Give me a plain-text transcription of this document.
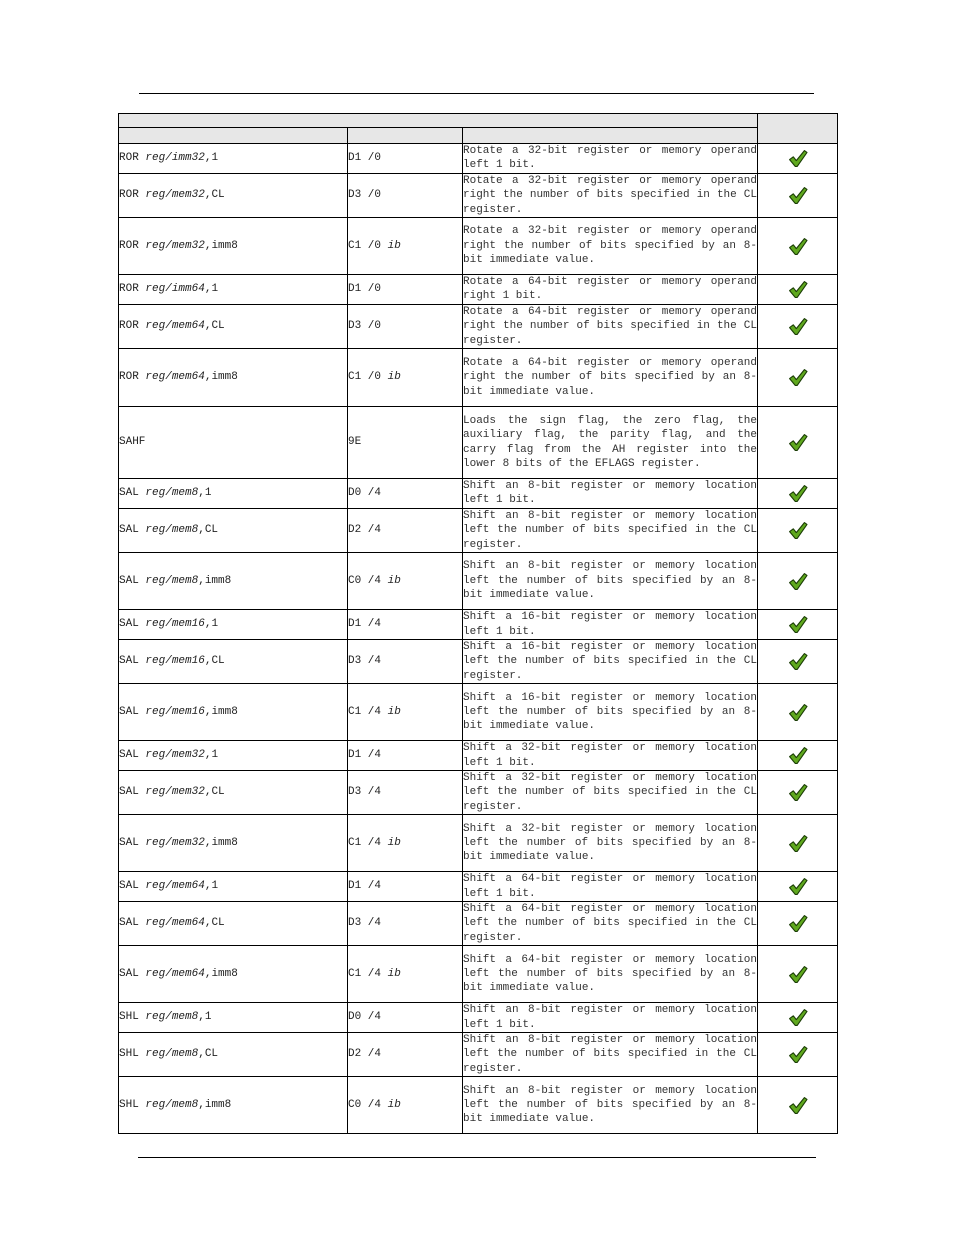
ROR reg/imm32,1	D1 /0	Rotate a 32-bit register or memory operand left 1 bit.	
ROR reg/mem32,CL	D3 /0	Rotate a 32-bit register or memory operand right the number of bits specified in the CL register.	
ROR reg/mem32,imm8	C1 /0 ib	Rotate a 32-bit register or memory operand right the number of bits specified by an 8-bit immediate value.	
ROR reg/imm64,1	D1 /0	Rotate a 64-bit register or memory operand right 1 bit.	
ROR reg/mem64,CL	D3 /0	Rotate a 64-bit register or memory operand right the number of bits specified in the CL register.	
ROR reg/mem64,imm8	C1 /0 ib	Rotate a 64-bit register or memory operand right the number of bits specified by an 8-bit immediate value.	
SAHF	9E	Loads the sign flag, the zero flag, the auxiliary flag, the parity flag, and the carry flag from the AH register into the lower 8 bits of the EFLAGS register.	
SAL reg/mem8,1	D0 /4	Shift an 8-bit register or memory location left 1 bit.	
SAL reg/mem8,CL	D2 /4	Shift an 8-bit register or memory location left the number of bits specified in the CL register.	
SAL reg/mem8,imm8	C0 /4 ib	Shift an 8-bit register or memory location left the number of bits specified by an 8-bit immediate value.	
SAL reg/mem16,1	D1 /4	Shift a 16-bit register or memory location left 1 bit.	
SAL reg/mem16,CL	D3 /4	Shift a 16-bit register or memory location left the number of bits specified in the CL register.	
SAL reg/mem16,imm8	C1 /4 ib	Shift a 16-bit register or memory location left the number of bits specified by an 8-bit immediate value.	
SAL reg/mem32,1	D1 /4	Shift a 32-bit register or memory location left 1 bit.	
SAL reg/mem32,CL	D3 /4	Shift a 32-bit register or memory location left the number of bits specified in the CL register.	
SAL reg/mem32,imm8	C1 /4 ib	Shift a 32-bit register or memory location left the number of bits specified by an 8-bit immediate value.	
SAL reg/mem64,1	D1 /4	Shift a 64-bit register or memory location left 1 bit.	
SAL reg/mem64,CL	D3 /4	Shift a 64-bit register or memory location left the number of bits specified in the CL register.	
SAL reg/mem64,imm8	C1 /4 ib	Shift a 64-bit register or memory location left the number of bits specified by an 8-bit immediate value.	
SHL reg/mem8,1	D0 /4	Shift an 8-bit register or memory location left 1 bit.	
SHL reg/mem8,CL	D2 /4	Shift an 8-bit register or memory location left the number of bits specified in the CL register.	
SHL reg/mem8,imm8	C0 /4 ib	Shift an 8-bit register or memory location left the number of bits specified by an 8-bit immediate value.	
